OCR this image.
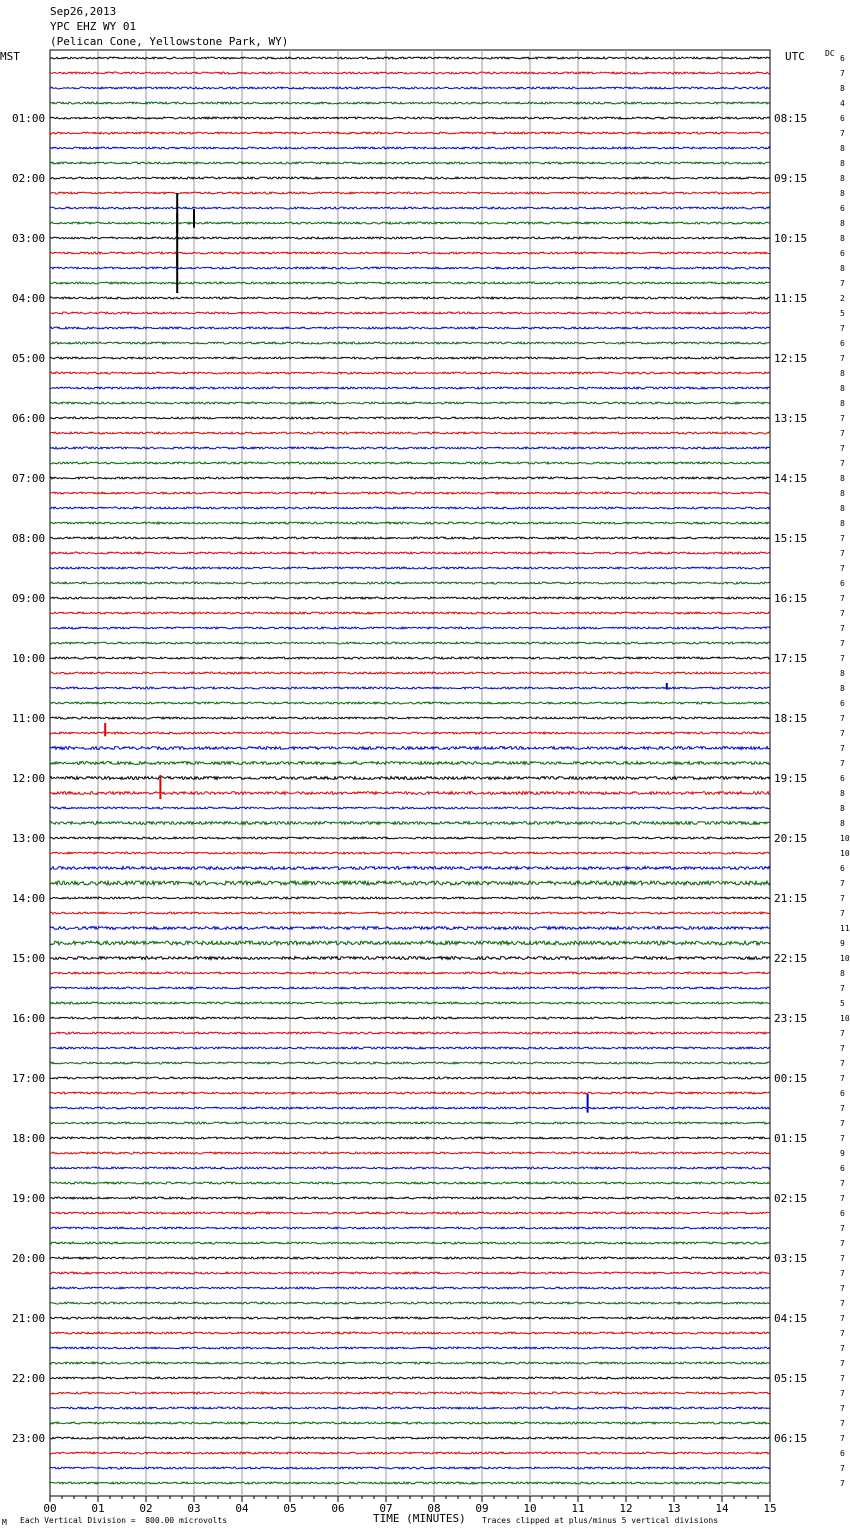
Sep26,2013
YPC EHZ WY 01
(Pelican Cone, Yellowstone Park, WY)
MST	UTC	DC
6
7
8
4
6
7
8
8
8
8
6
8
8
6
8
7
2
5
7
6
7
8
8
8
7
7
7
7
8
8
8
8
7
7
7
6
7
7
7
7
7
8
8
6
7
7
7
7
6
8
8
8
10
10
6
7
7
7
11
9
10
8
7
5
10
7
7
7
7
6
7
7
7
9
6
7
7
6
7
7
7
7
7
7
7
7
7
7
7
7
7
7
7
6
7
7
01:00	08:15
02:00	09:15
03:00	10:15
04:00	11:15
05:00	12:15
06:00	13:15
07:00	14:15
08:00	15:15
09:00	16:15
10:00	17:15
11:00	18:15
12:00	19:15
13:00	20:15
14:00	21:15
15:00	22:15
16:00	23:15
17:00	00:15
18:00	01:15
19:00	02:15
20:00	03:15
21:00	04:15
22:00	05:15
23:00	06:15
00	01	02	03	04	05	06	07	08	09	10	11	12	13	14	15
M Each Vertical Division =  800.00 microvolts	TIME (MINUTES) Traces clipped at plus/minus 5 vertical divisions
